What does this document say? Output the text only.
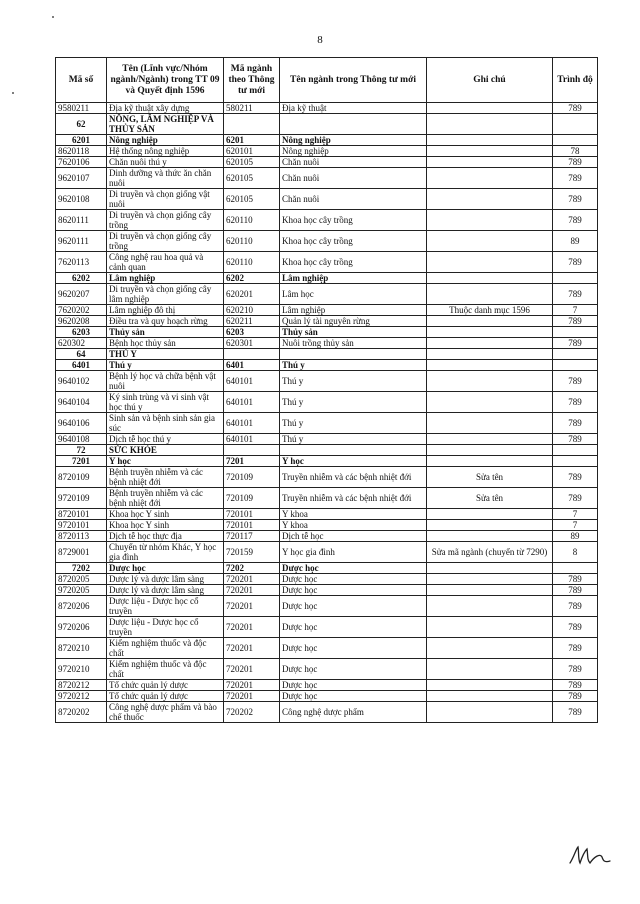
8
Mã số	Tên (Lĩnh vực/Nhóm ngành/Ngành) trong TT 09 và Quyết định 1596	Mã ngành theo Thông tư mới	Tên ngành trong Thông tư mới	Ghi chú	Trình độ
9580211	Địa kỹ thuật xây dựng	580211	Địa kỹ thuật		789
62	NÔNG, LÂM NGHIỆP VÀ THỦY SẢN				
6201	Nông nghiệp	6201	Nông nghiệp		
8620118	Hệ thống nông nghiệp	620101	Nông nghiệp		78
7620106	Chăn nuôi thú y	620105	Chăn nuôi		789
9620107	Dinh dưỡng và thức ăn chăn nuôi	620105	Chăn nuôi		789
9620108	Di truyền và chọn giống vật nuôi	620105	Chăn nuôi		789
8620111	Di truyền và chọn giống cây trồng	620110	Khoa học cây trồng		789
9620111	Di truyền và chọn giống cây trồng	620110	Khoa học cây trồng		89
7620113	Công nghệ rau hoa quả và cảnh quan	620110	Khoa học cây trồng		789
6202	Lâm nghiệp	6202	Lâm nghiệp		
9620207	Di truyền và chọn giống cây lâm nghiệp	620201	Lâm học		789
7620202	Lâm nghiệp đô thị	620210	Lâm nghiệp	Thuộc danh mục 1596	7
9620208	Điều tra và quy hoạch rừng	620211	Quản lý tài nguyên rừng		789
6203	Thủy sản	6203	Thủy sản		
620302	Bệnh học thủy sản	620301	Nuôi trồng thủy sản		789
64	THÚ Y				
6401	Thú y	6401	Thú y		
9640102	Bệnh lý học và chữa bệnh vật nuôi	640101	Thú y		789
9640104	Ký sinh trùng và vi sinh vật học thú y	640101	Thú y		789
9640106	Sinh sản và bệnh sinh sản gia súc	640101	Thú y		789
9640108	Dịch tễ học thú y	640101	Thú y		789
72	SỨC KHỎE				
7201	Y học	7201	Y học		
8720109	Bệnh truyền nhiễm và các bệnh nhiệt đới	720109	Truyền nhiễm và các bệnh nhiệt đới	Sửa tên	789
9720109	Bệnh truyền nhiễm và các bệnh nhiệt đới	720109	Truyền nhiễm và các bệnh nhiệt đới	Sửa tên	789
8720101	Khoa học Y sinh	720101	Y khoa		7
9720101	Khoa học Y sinh	720101	Y khoa		7
8720113	Dịch tễ học thực địa	720117	Dịch tễ học		89
8729001	Chuyển từ nhóm Khác, Y học gia đình	720159	Y học gia đình	Sửa mã ngành (chuyển từ 7290)	8
7202	Dược học	7202	Dược học		
8720205	Dược lý và dược lâm sàng	720201	Dược học		789
9720205	Dược lý và dược lâm sàng	720201	Dược học		789
8720206	Dược liệu - Dược học cổ truyền	720201	Dược học		789
9720206	Dược liệu - Dược học cổ truyền	720201	Dược học		789
8720210	Kiểm nghiệm thuốc và độc chất	720201	Dược học		789
9720210	Kiểm nghiệm thuốc và độc chất	720201	Dược học		789
8720212	Tổ chức quản lý dược	720201	Dược học		789
9720212	Tổ chức quản lý dược	720201	Dược học		789
8720202	Công nghệ dược phẩm và bào chế thuốc	720202	Công nghệ dược phẩm		789
